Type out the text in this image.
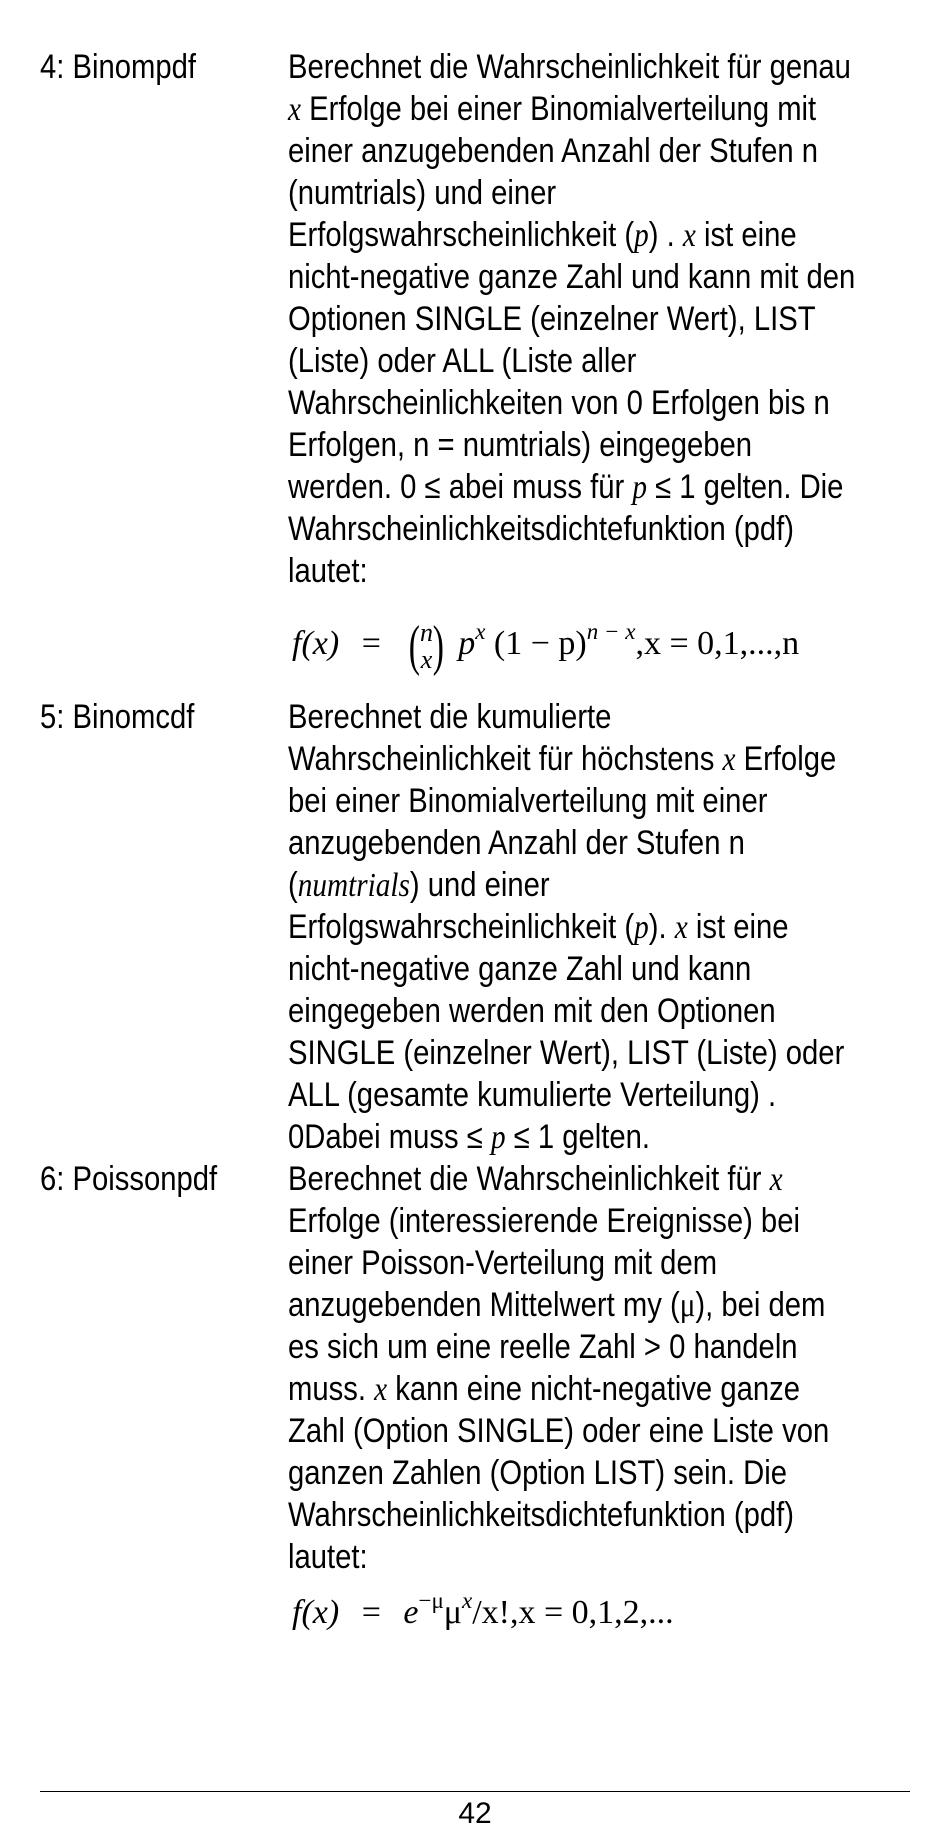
4: Binompdf	Berechnet die Wahrscheinlichkeit für genau
x Erfolge bei einer Binomialverteilung mit
einer anzugebenden Anzahl der Stufen n
(numtrials) und einer
Erfolgswahrscheinlichkeit (p) . x ist eine
nicht-negative ganze Zahl und kann mit den
Optionen SINGLE (einzelner Wert), LIST
(Liste) oder ALL (Liste aller
Wahrscheinlichkeiten von 0 Erfolgen bis n
Erfolgen, n = numtrials) eingegeben
werden. 0 ≤ abei muss für p ≤ 1 gelten. Die
Wahrscheinlichkeitsdichtefunktion (pdf)
lautet:
f(x) = (n
x) $p^x$ $(1 - p)^{n - x},x = 0,1,...,n$
5: Binomcdf	Berechnet die kumulierte
Wahrscheinlichkeit für höchstens x Erfolge
bei einer Binomialverteilung mit einer
anzugebenden Anzahl der Stufen n
(numtrials) und einer
Erfolgswahrscheinlichkeit (p). x ist eine
nicht-negative ganze Zahl und kann
eingegeben werden mit den Optionen
SINGLE (einzelner Wert), LIST (Liste) oder
ALL (gesamte kumulierte Verteilung) .
0Dabei muss ≤ p ≤ 1 gelten.
6: Poissonpdf Berechnet die Wahrscheinlichkeit für x
Erfolge (interessierende Ereignisse) bei
einer Poisson-Verteilung mit dem
anzugebenden Mittelwert my (μ), bei dem
es sich um eine reelle Zahl > 0 handeln
muss. x kann eine nicht-negative ganze
Zahl (Option SINGLE) oder eine Liste von
ganzen Zahlen (Option LIST) sein. Die
Wahrscheinlichkeitsdichtefunktion (pdf)
lautet:
$f(x) = e^{-\mu}\mu^x/x!,x = 0,1,2$,...
42
